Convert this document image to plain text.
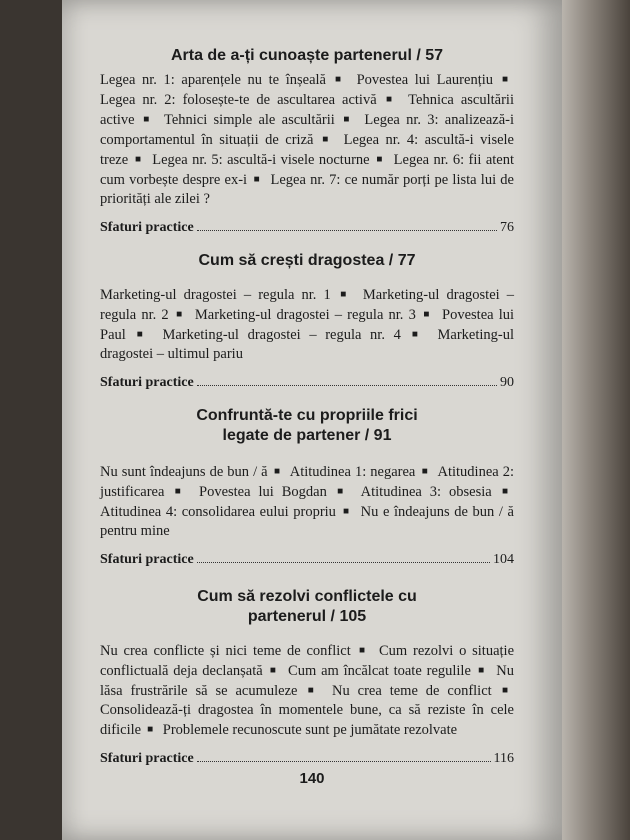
Arta de a-ți cunoaște partenerul / 57
Legea nr. 1: aparențele nu te înșeală ■ Povestea lui Laurențiu ■ Legea nr. 2: folosește-te de ascultarea activă ■ Tehnica ascultării active ■ Tehnici simple ale ascultării ■ Legea nr. 3: analizează-i comportamentul în situații de criză ■ Legea nr. 4: ascultă-i visele treze ■ Legea nr. 5: ascultă-i visele nocturne ■ Legea nr. 6: fii atent cum vorbește despre ex-i ■ Legea nr. 7: ce număr porți pe lista lui de priorități ale zilei ?
Sfaturi practice	76
Cum să crești dragostea / 77
Marketing-ul dragostei – regula nr. 1 ■ Marketing-ul dragostei – regula nr. 2 ■ Marketing-ul dragostei – regula nr. 3 ■ Povestea lui Paul ■ Marketing-ul dragostei – regula nr. 4 ■ Marketing-ul dragostei – ultimul pariu
Sfaturi practice	90
Confruntă-te cu propriile frici legate de partener / 91
Nu sunt îndeajuns de bun / ă ■ Atitudinea 1: negarea ■ Atitudinea 2: justificarea ■ Povestea lui Bogdan ■ Atitudinea 3: obsesia ■ Atitudinea 4: consolidarea eului propriu ■ Nu e îndeajuns de bun / ă pentru mine
Sfaturi practice	104
Cum să rezolvi conflictele cu partenerul / 105
Nu crea conflicte și nici teme de conflict ■ Cum rezolvi o situație conflictuală deja declanșată ■ Cum am încălcat toate regulile ■ Nu lăsa frustrările să se acumuleze ■ Nu crea teme de conflict ■ Consolidează-ți dragostea în momentele bune, ca să reziste în cele dificile ■ Problemele recunoscute sunt pe jumătate rezolvate
Sfaturi practice	116
140
